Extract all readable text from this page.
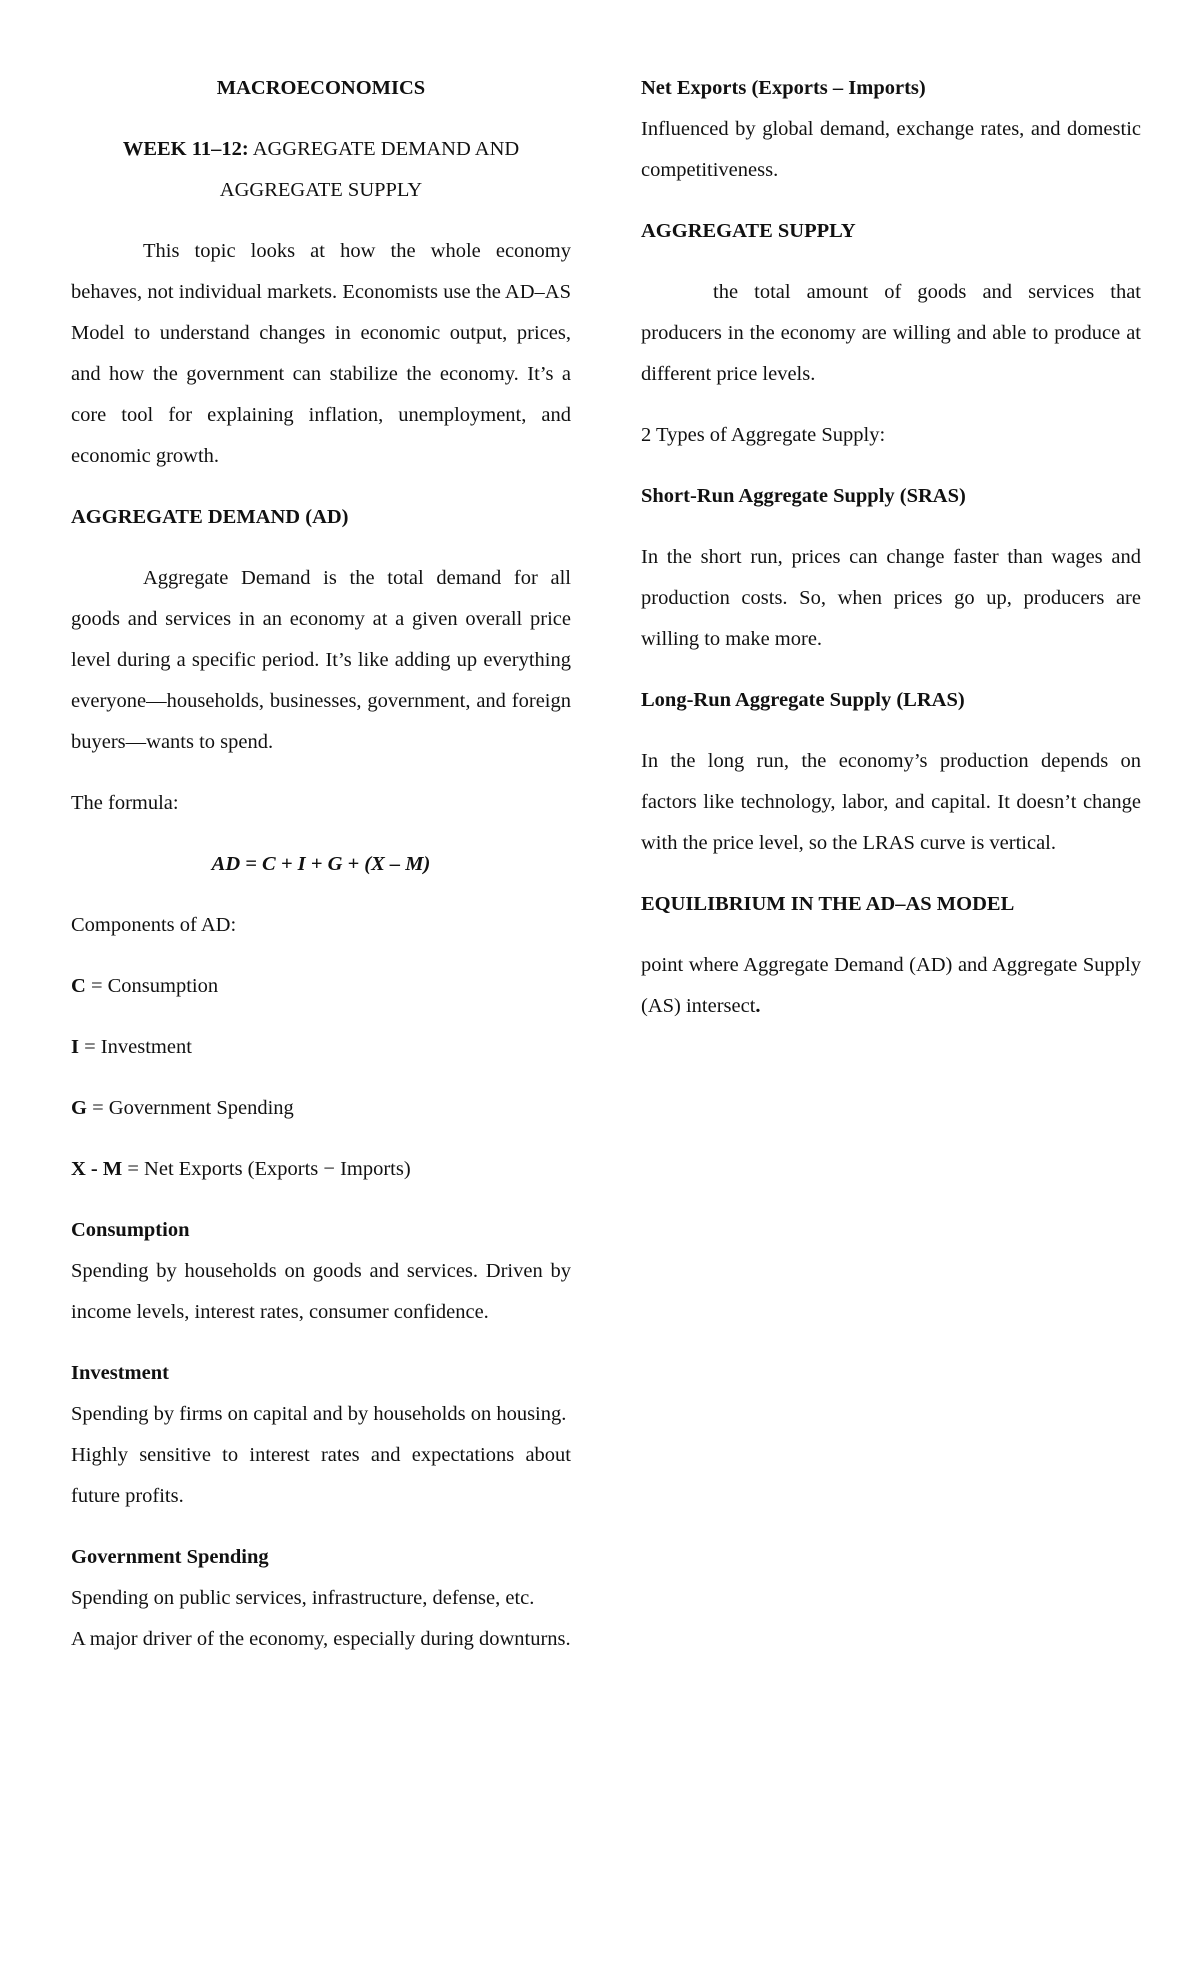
MACROECONOMICS

WEEK 11–12: AGGREGATE DEMAND AND

AGGREGATE SUPPLY

This topic looks at how the whole economy behaves, not individual markets. Economists use the AD–AS Model to understand changes in economic output, prices, and how the government can stabilize the economy. It’s a core tool for explaining inflation, unemployment, and economic growth.

AGGREGATE DEMAND (AD)

Aggregate Demand is the total demand for all goods and services in an economy at a given overall price level during a specific period. It’s like adding up everything everyone—households, businesses, government, and foreign buyers—wants to spend.

The formula:

AD = C + I + G + (X – M)

Components of AD:

C = Consumption

I = Investment

G = Government Spending

X - M = Net Exports (Exports − Imports)

Consumption

Spending by households on goods and services. Driven by income levels, interest rates, consumer confidence.

Investment

Spending by firms on capital and by households on housing.

Highly sensitive to interest rates and expectations about future profits.

Government Spending

Spending on public services, infrastructure, defense, etc.

A major driver of the economy, especially during downturns.

Net Exports (Exports – Imports)

Influenced by global demand, exchange rates, and domestic competitiveness.

AGGREGATE SUPPLY

the total amount of goods and services that producers in the economy are willing and able to produce at different price levels.

2 Types of Aggregate Supply:

Short-Run Aggregate Supply (SRAS)

In the short run, prices can change faster than wages and production costs. So, when prices go up, producers are willing to make more.

Long-Run Aggregate Supply (LRAS)

In the long run, the economy’s production depends on factors like technology, labor, and capital. It doesn’t change with the price level, so the LRAS curve is vertical.

EQUILIBRIUM IN THE AD–AS MODEL

point where Aggregate Demand (AD) and Aggregate Supply (AS) intersect.
